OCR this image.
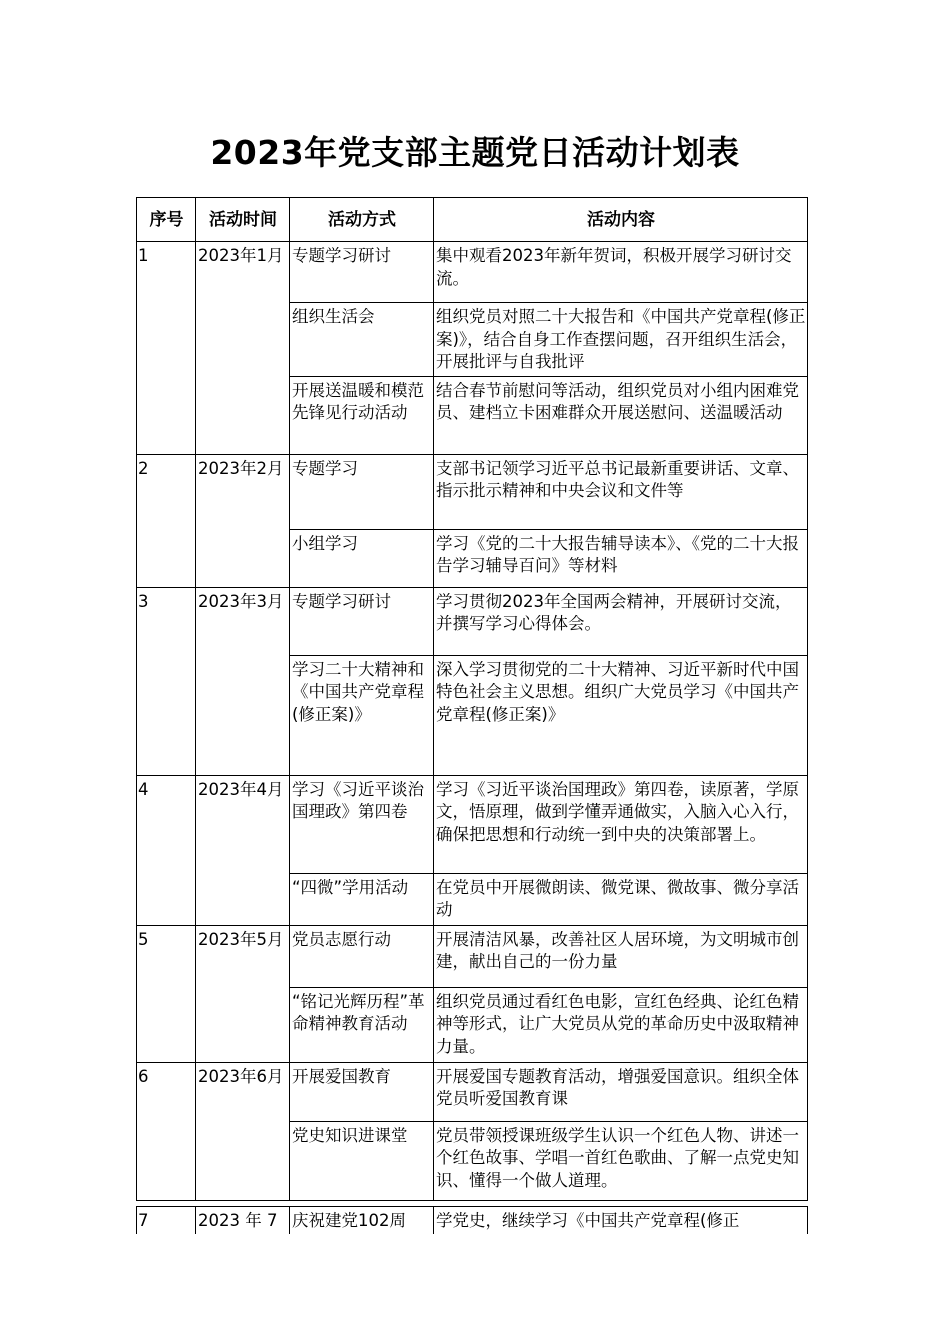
2023年党支部主题党日活动计划表
序号	活动时间	活动方式	活动内容
1	2023年1月	专题学习研讨	集中观看2023年新年贺词，积极开展学习研讨交流。
		组织生活会	组织党员对照二十大报告和《中国共产党章程(修正案)》，结合自身工作查摆问题，召开组织生活会，开展批评与自我批评
		开展送温暖和模范先锋见行动活动	结合春节前慰问等活动，组织党员对小组内困难党员、建档立卡困难群众开展送慰问、送温暖活动
2	2023年2月	专题学习	支部书记领学习近平总书记最新重要讲话、文章、指示批示精神和中央会议和文件等
		小组学习	学习《党的二十大报告辅导读本》、《党的二十大报告学习辅导百问》等材料
3	2023年3月	专题学习研讨	学习贯彻2023年全国两会精神，开展研讨交流，并撰写学习心得体会。
		学习二十大精神和《中国共产党章程(修正案)》	深入学习贯彻党的二十大精神、习近平新时代中国特色社会主义思想。组织广大党员学习《中国共产党章程(修正案)》
4	2023年4月	学习《习近平谈治国理政》第四卷	学习《习近平谈治国理政》第四卷，读原著，学原文，悟原理，做到学懂弄通做实，入脑入心入行，确保把思想和行动统一到中央的决策部署上。
		“四微”学用活动	在党员中开展微朗读、微党课、微故事、微分享活动
5	2023年5月	党员志愿行动	开展清洁风暴，改善社区人居环境，为文明城市创建，献出自己的一份力量
		“铭记光辉历程”革命精神教育活动	组织党员通过看红色电影，宣红色经典、论红色精神等形式，让广大党员从党的革命历史中汲取精神力量。
6	2023年6月	开展爱国教育	开展爱国专题教育活动，增强爱国意识。组织全体党员听爱国教育课
		党史知识进课堂	党员带领授课班级学生认识一个红色人物、讲述一个红色故事、学唱一首红色歌曲、了解一点党史知识、懂得一个做人道理。

7	2023 年 7	庆祝建党102周	学党史，继续学习《中国共产党章程(修正
